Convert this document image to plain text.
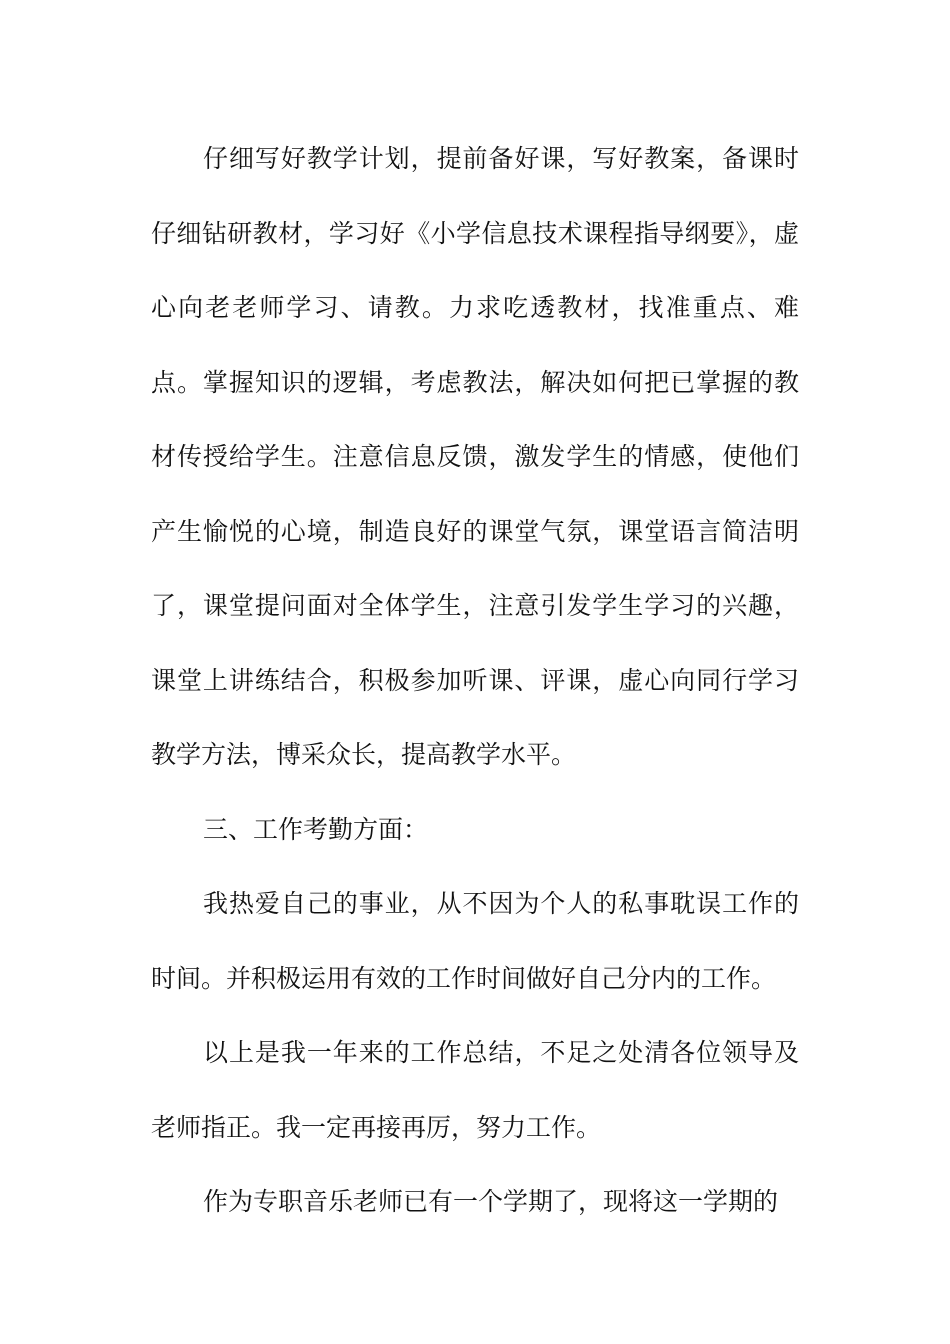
仔细写好教学计划，提前备好课，写好教案，备课时仔细钻研教材，学习好《小学信息技术课程指导纲要》，虚心向老老师学习、请教。力求吃透教材，找准重点、难点。掌握知识的逻辑，考虑教法，解决如何把已掌握的教材传授给学生。注意信息反馈，激发学生的情感，使他们产生愉悦的心境，制造良好的课堂气氛，课堂语言简洁明了，课堂提问面对全体学生，注意引发学生学习的兴趣，课堂上讲练结合，积极参加听课、评课，虚心向同行学习教学方法，博采众长，提高教学水平。

三、工作考勤方面：

我热爱自己的事业，从不因为个人的私事耽误工作的时间。并积极运用有效的工作时间做好自己分内的工作。

以上是我一年来的工作总结，不足之处清各位领导及老师指正。我一定再接再厉，努力工作。

作为专职音乐老师已有一个学期了，现将这一学期的
